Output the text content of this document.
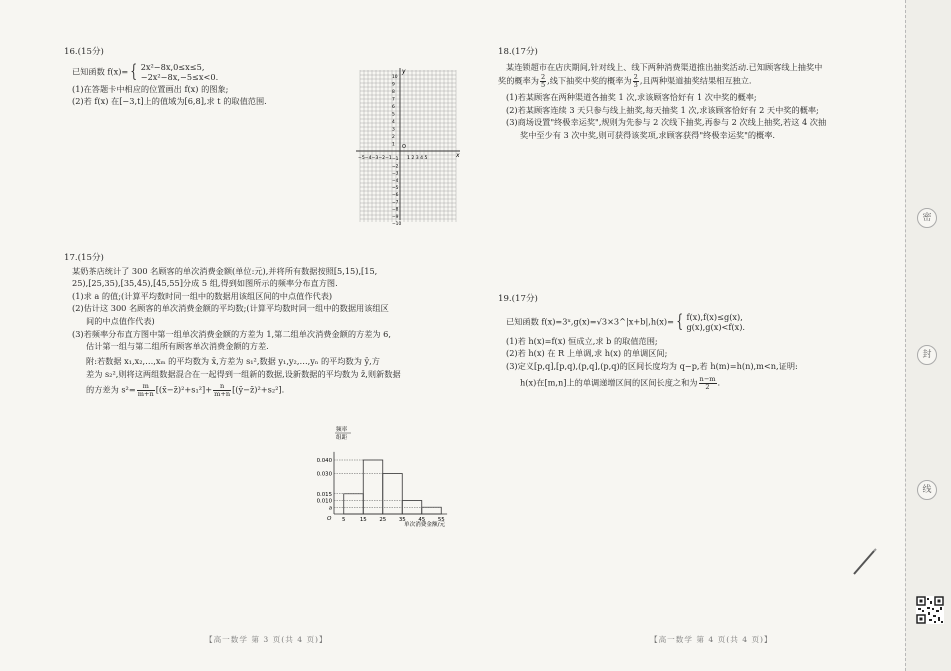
16.(15分)
已知函数 f(x)= { 2x²−8x,0≤x≤5,
−2x²−8x,−5≤x<0.
(1)在答题卡中相应的位置画出 f(x) 的图象;
(2)若 f(x) 在[−3,t]上的值域为[6,8],求 t 的取值范围.
x
y
O
−5−4−3−2−1	1 2 3 4 5
10
9
8
7
6
5
4
3
2
1
−1
−2
−3
−4
−5
−6
−7
−8
−9
−10
17.(15分)
某奶茶店统计了 300 名顾客的单次消费金额(单位:元),并将所有数据按照[5,15),[15,
25),[25,35),[35,45),[45,55]分成 5 组,得到如图所示的频率分布直方图.
(1)求 a 的值;(计算平均数时同一组中的数据用该组区间的中点值作代表)
(2)估计这 300 名顾客的单次消费金额的平均数;(计算平均数时同一组中的数据用该组区
间的中点值作代表)
(3)若频率分布直方图中第一组单次消费金额的方差为 1,第二组单次消费金额的方差为 6,
估计第一组与第二组所有顾客单次消费金额的方差.
附:若数据 x₁,x₂,…,xₘ 的平均数为 x̄,方差为 s₁²,数据 y₁,y₂,…,yₙ 的平均数为 ȳ,方
差为 s₂²,则将这两组数据混合在一起得到一组新的数据,设新数据的平均数为 z̄,则新数据
的方差为 $s^2= \frac{m}{m+n}$ [(x̄−z̄)²+s₁²]+ $\frac{n}{m+n}$ [(ȳ−z̄)²+s₂²].
频率
组距
0.040
0.030
0.015
0.010
a
5	15 25 35 45 55
单次消费金额/元
O
18.(17分)
某连锁超市在店庆期间,针对线上、线下两种消费渠道推出抽奖活动.已知顾客线上抽奖中
奖的概率为 $\frac{2}{5}$ ,线下抽奖中奖的概率为 $\frac{2}{3}$ ,且两种渠道抽奖结果相互独立.
(1)若某顾客在两种渠道各抽奖 1 次,求该顾客恰好有 1 次中奖的概率;
(2)若某顾客连续 3 天只参与线上抽奖,每天抽奖 1 次,求该顾客恰好有 2 天中奖的概率;
(3)商场设置"终极幸运奖",规则为先参与 2 次线下抽奖,再参与 2 次线上抽奖,若这 4 次抽
奖中至少有 3 次中奖,则可获得该奖项,求顾客获得"终极幸运奖"的概率.
19.(17分)
已知函数 f(x)=3ˣ,g(x)=√3×3^|x+b|,h(x)= { f(x),f(x)≤g(x),
g(x),g(x)<f(x).
(1)若 h(x)=f(x) 恒成立,求 b 的取值范围;
(2)若 h(x) 在 R 上单调,求 h(x) 的单调区间;
(3)定义[p,q],[p,q),(p,q],(p,q)的区间长度均为 q−p,若 h(m)=h(n),m<n,证明:
h(x)在[m,n]上的单调递增区间的区间长度之和为 $\frac{n-m}{2}$ .
【高一数学 第 3 页(共 4 页)】	【高一数学 第 4 页(共 4 页)】
密
封
线
